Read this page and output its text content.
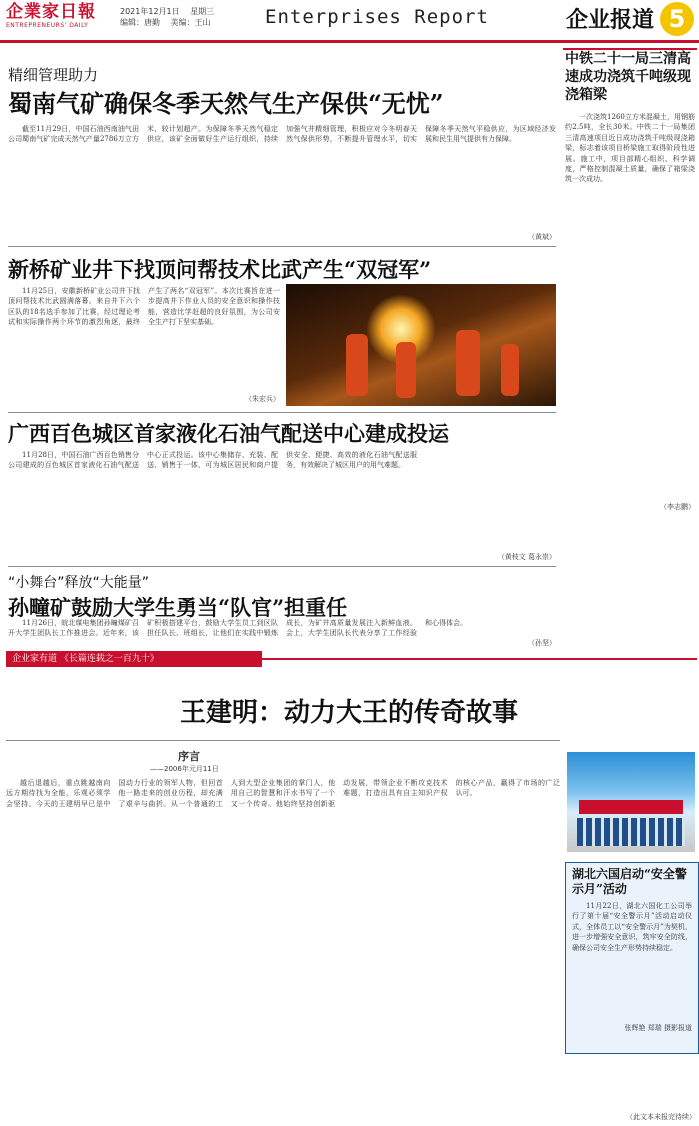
企業家日報
ENTREPRENEURS' DAILY
2021年12月1日 星期三
编辑：唐勤 美编：王山	Enterprises Report	企业报道 5
精细管理助力
蜀南气矿确保冬季天然气生产保供“无忧”
截至11月29日，中国石油西南油气田公司蜀南气矿完成天然气产量2786万立方米，较计划超产。为保障冬季天然气稳定供应，该矿全面做好生产运行组织，持续加强气井精细管理，积极应对今冬明春天然气保供形势，不断提升管理水平，切实保障冬季天然气平稳供应，为区域经济发展和民生用气提供有力保障。
（黄斌）
新桥矿业井下找顶问帮技术比武产生“双冠军”
11月25日，安徽新桥矿业公司井下找顶问帮技术比武圆满落幕。来自井下六个区队的18名选手参加了比赛，经过理论考试和实际操作两个环节的激烈角逐，最终产生了两名“双冠军”。本次比赛旨在进一步提高井下作业人员的安全意识和操作技能，营造比学赶超的良好氛围，为公司安全生产打下坚实基础。
（朱宏兵）
广西百色城区首家液化石油气配送中心建成投运
11月28日，中国石油广西百色销售分公司建成的百色城区首家液化石油气配送中心正式投运。该中心集储存、充装、配送、销售于一体，可为城区居民和商户提供安全、便捷、高效的液化石油气配送服务，有效解决了城区用户的用气难题。
（黄枝文 葛永崇）
“小舞台”释放“大能量”
孙疃矿鼓励大学生勇当“队官”担重任
11月26日，皖北煤电集团孙疃煤矿召开大学生团队长工作推进会。近年来，该矿积极搭建平台，鼓励大学生员工到区队担任队长、班组长，让他们在实践中锻炼成长，为矿井高质量发展注入新鲜血液。会上，大学生团队长代表分享了工作经验和心得体会。
（孙坚）
中铁二十一局三清高速成功浇筑千吨级现浇箱梁
一次浇筑1260立方米混凝土，用钢筋约2.5吨，全长30米。中铁二十一局集团三清高速项目近日成功浇筑千吨级现浇箱梁，标志着该项目桥梁施工取得阶段性进展。施工中，项目部精心组织、科学调度，严格控制混凝土质量，确保了箱梁浇筑一次成功。
（李志鹏）
湖北六国启动“安全警示月”活动
11月22日，湖北六国化工公司举行了第十届“安全警示月”活动启动仪式，全体员工以“安全警示月”为契机，进一步增强安全意识，筑牢安全防线，确保公司安全生产形势持续稳定。
张辉艳 郑瑞 摄影报道
企业家有道 《长篇连载之一百九十》
王建明：动力大王的传奇故事
序言
——2006年元月11日
越后退越后，重点跳越南向远方期待找为全能，乐观必须学会坚持。今天的王建明早已是中国动力行业的领军人物，但回首他一路走来的创业历程，却充满了艰辛与曲折。从一个普通的工人到大型企业集团的掌门人，他用自己的智慧和汗水书写了一个又一个传奇。他始终坚持创新驱动发展，带领企业不断攻克技术难题，打造出具有自主知识产权的核心产品，赢得了市场的广泛认可。
（此文本未报完待续）
